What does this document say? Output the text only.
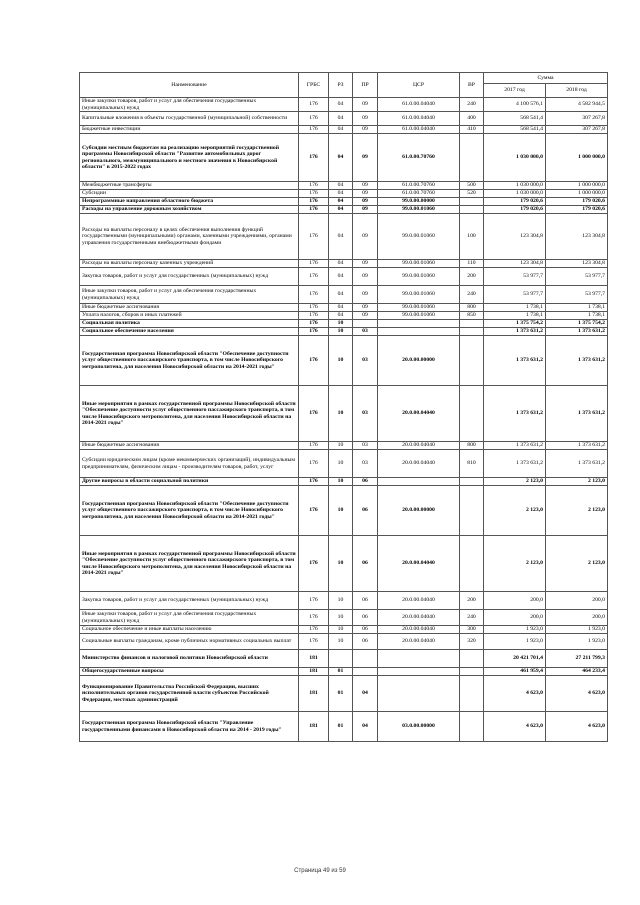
Наименование	ГРБС	РЗ	ПР	ЦСР	ВР	Сумма	
						2017 год	2018 год
Иные закупки товаров, работ и услуг для обеспечения государственных (муниципальных) нужд	176	04	09	61.0.00.04040	240	4 100 576,1	4 582 944,5
Капитальные вложения в объекты государственной (муниципальной) собственности	176	04	09	61.0.00.04040	400	568 541,4	307 267,8
Бюджетные инвестиции	176	04	09	61.0.00.04040	410	568 541,4	307 267,8
Субсидии местным бюджетам на реализацию мероприятий государственной программы Новосибирской области "Развитие автомобильных дорог регионального, межмуниципального и местного значения в Новосибирской области" в 2015-2022 годах	176	04	09	61.0.00.70760		1 030 000,0	1 000 000,0
Межбюджетные трансферты	176	04	09	61.0.00.70760	500	1 030 000,0	1 000 000,0
Субсидии	176	04	09	61.0.00.70760	520	1 030 000,0	1 000 000,0
Непрограммные направления областного бюджета	176	04	09	99.0.00.00000		179 020,6	179 020,6
Расходы на управление дорожным хозяйством	176	04	09	99.0.00.01060		179 020,6	179 020,6
Расходы на выплаты персоналу в целях обеспечения выполнения функций государственными (муниципальными) органами, казенными учреждениями, органами управления государственными внебюджетными фондами	176	04	09	99.0.00.01060	100	123 304,8	123 304,8
Расходы на выплаты персоналу казенных учреждений	176	04	09	99.0.00.01060	110	123 304,8	123 304,8
Закупка товаров, работ и услуг для государственных (муниципальных) нужд	176	04	09	99.0.00.01060	200	53 977,7	53 977,7
Иные закупки товаров, работ и услуг для обеспечения государственных (муниципальных) нужд	176	04	09	99.0.00.01060	240	53 977,7	53 977,7
Иные бюджетные ассигнования	176	04	09	99.0.00.01060	800	1 738,1	1 738,1
Уплата налогов, сборов и иных платежей	176	04	09	99.0.00.01060	850	1 738,1	1 738,1
Социальная политика	176	10				1 375 754,2	1 375 754,2
Социальное обеспечение населения	176	10	03			1 373 631,2	1 373 631,2
Государственная программа Новосибирской области "Обеспечение доступности услуг общественного пассажирского транспорта, в том числе Новосибирского метрополитена, для населения Новосибирской области на 2014-2021 годы"	176	10	03	20.0.00.00000		1 373 631,2	1 373 631,2
Иные мероприятия в рамках государственной программы Новосибирской области "Обеспечение доступности услуг общественного пассажирского транспорта, в том числе Новосибирского метрополитена, для населения Новосибирской области на 2014-2021 годы"	176	10	03	20.0.00.04040		1 373 631,2	1 373 631,2
Иные бюджетные ассигнования	176	10	03	20.0.00.04040	800	1 373 631,2	1 373 631,2
Субсидии юридическим лицам (кроме некоммерческих организаций), индивидуальным предпринимателям, физическим лицам - производителям товаров, работ, услуг	176	10	03	20.0.00.04040	810	1 373 631,2	1 373 631,2
Другие вопросы в области социальной политики	176	10	06			2 123,0	2 123,0
Государственная программа Новосибирской области "Обеспечение доступности услуг общественного пассажирского транспорта, в том числе Новосибирского метрополитена, для населения Новосибирской области на 2014-2021 годы"	176	10	06	20.0.00.00000		2 123,0	2 123,0
Иные мероприятия в рамках государственной программы Новосибирской области "Обеспечение доступности услуг общественного пассажирского транспорта, в том числе Новосибирского метрополитена, для населения Новосибирской области на 2014-2021 годы"	176	10	06	20.0.00.04040		2 123,0	2 123,0
Закупка товаров, работ и услуг для государственных (муниципальных) нужд	176	10	06	20.0.00.04040	200	200,0	200,0
Иные закупки товаров, работ и услуг для обеспечения государственных (муниципальных) нужд	176	10	06	20.0.00.04040	240	200,0	200,0
Социальное обеспечение и иные выплаты населению	176	10	06	20.0.00.04040	300	1 923,0	1 923,0
Социальные выплаты гражданам, кроме публичных нормативных социальных выплат	176	10	06	20.0.00.04040	320	1 923,0	1 923,0
Министерство финансов и налоговой политики Новосибирской области	181					20 421 701,4	27 211 799,3
Общегосударственные вопросы	181	01				461 959,4	464 233,4
Функционирование Правительства Российской Федерации, высших исполнительных органов государственной власти субъектов Российской Федерации, местных администраций	181	01	04			4 623,0	4 623,0
Государственная программа Новосибирской области "Управление государственными финансами в Новосибирской области на 2014 - 2019 годы"	181	01	04	03.0.00.00000		4 623,0	4 623,0
Страница 49 из 59
